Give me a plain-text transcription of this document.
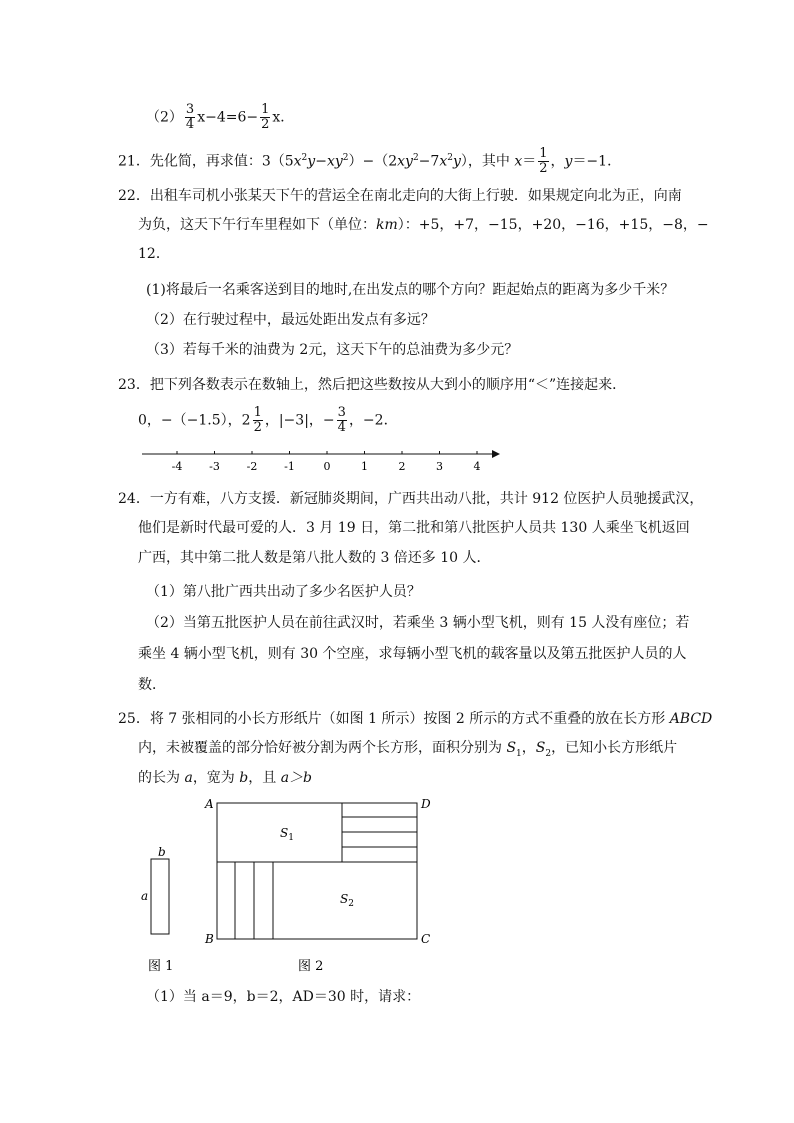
$(2) \frac{3}{4} x-4=6- \frac{1}{2}$ x．
21．先化简，再求值：$3(5x^2y-xy^2)-(2xy^2-7x^2y)$，其中 $x= \frac{1}{2}$ ，y＝−1．
22．出租车司机小张某天下午的营运全在南北走向的大街上行驶．如果规定向北为正，向南
为负，这天下午行车里程如下（单位：km）：+5，+7，−15，+20，−16，+15，−8，−
12．
(1)将最后一名乘客送到目的地时,在出发点的哪个方向？距起始点的距离为多少千米？
（2）在行驶过程中，最远处距出发点有多远？
（3）若每千米的油费为 2元，这天下午的总油费为多少元？
23．把下列各数表示在数轴上，然后把这些数按从大到小的顺序用“＜”连接起来．
0，−（−1.5），$2 \frac{1}{2}$ ，|−3|，− $\frac{3}{4}$ ，−2．
-4 -3 -2 -1	0	1	2	3	4
24．一方有难，八方支援．新冠肺炎期间，广西共出动八批，共计 912 位医护人员驰援武汉，
他们是新时代最可爱的人．3 月 19 日，第二批和第八批医护人员共 130 人乘坐飞机返回
广西，其中第二批人数是第八批人数的 3 倍还多 10 人．
（1）第八批广西共出动了多少名医护人员？
（2）当第五批医护人员在前往武汉时，若乘坐 3 辆小型飞机，则有 15 人没有座位；若
乘坐 4 辆小型飞机，则有 30 个空座，求每辆小型飞机的载客量以及第五批医护人员的人
数．
25．将 7 张相同的小长方形纸片（如图 1 所示）按图 2 所示的方式不重叠的放在长方形 ABCD
内，未被覆盖的部分恰好被分割为两个长方形，面积分别为 $S_1$，$S_2$，已知小长方形纸片
的长为 a，宽为 b，且 a＞b
b
a
图 1
A	D
B	C
$S_1$
$S_2$
图 2
（1）当 a＝9，b＝2，AD＝30 时，请求：
